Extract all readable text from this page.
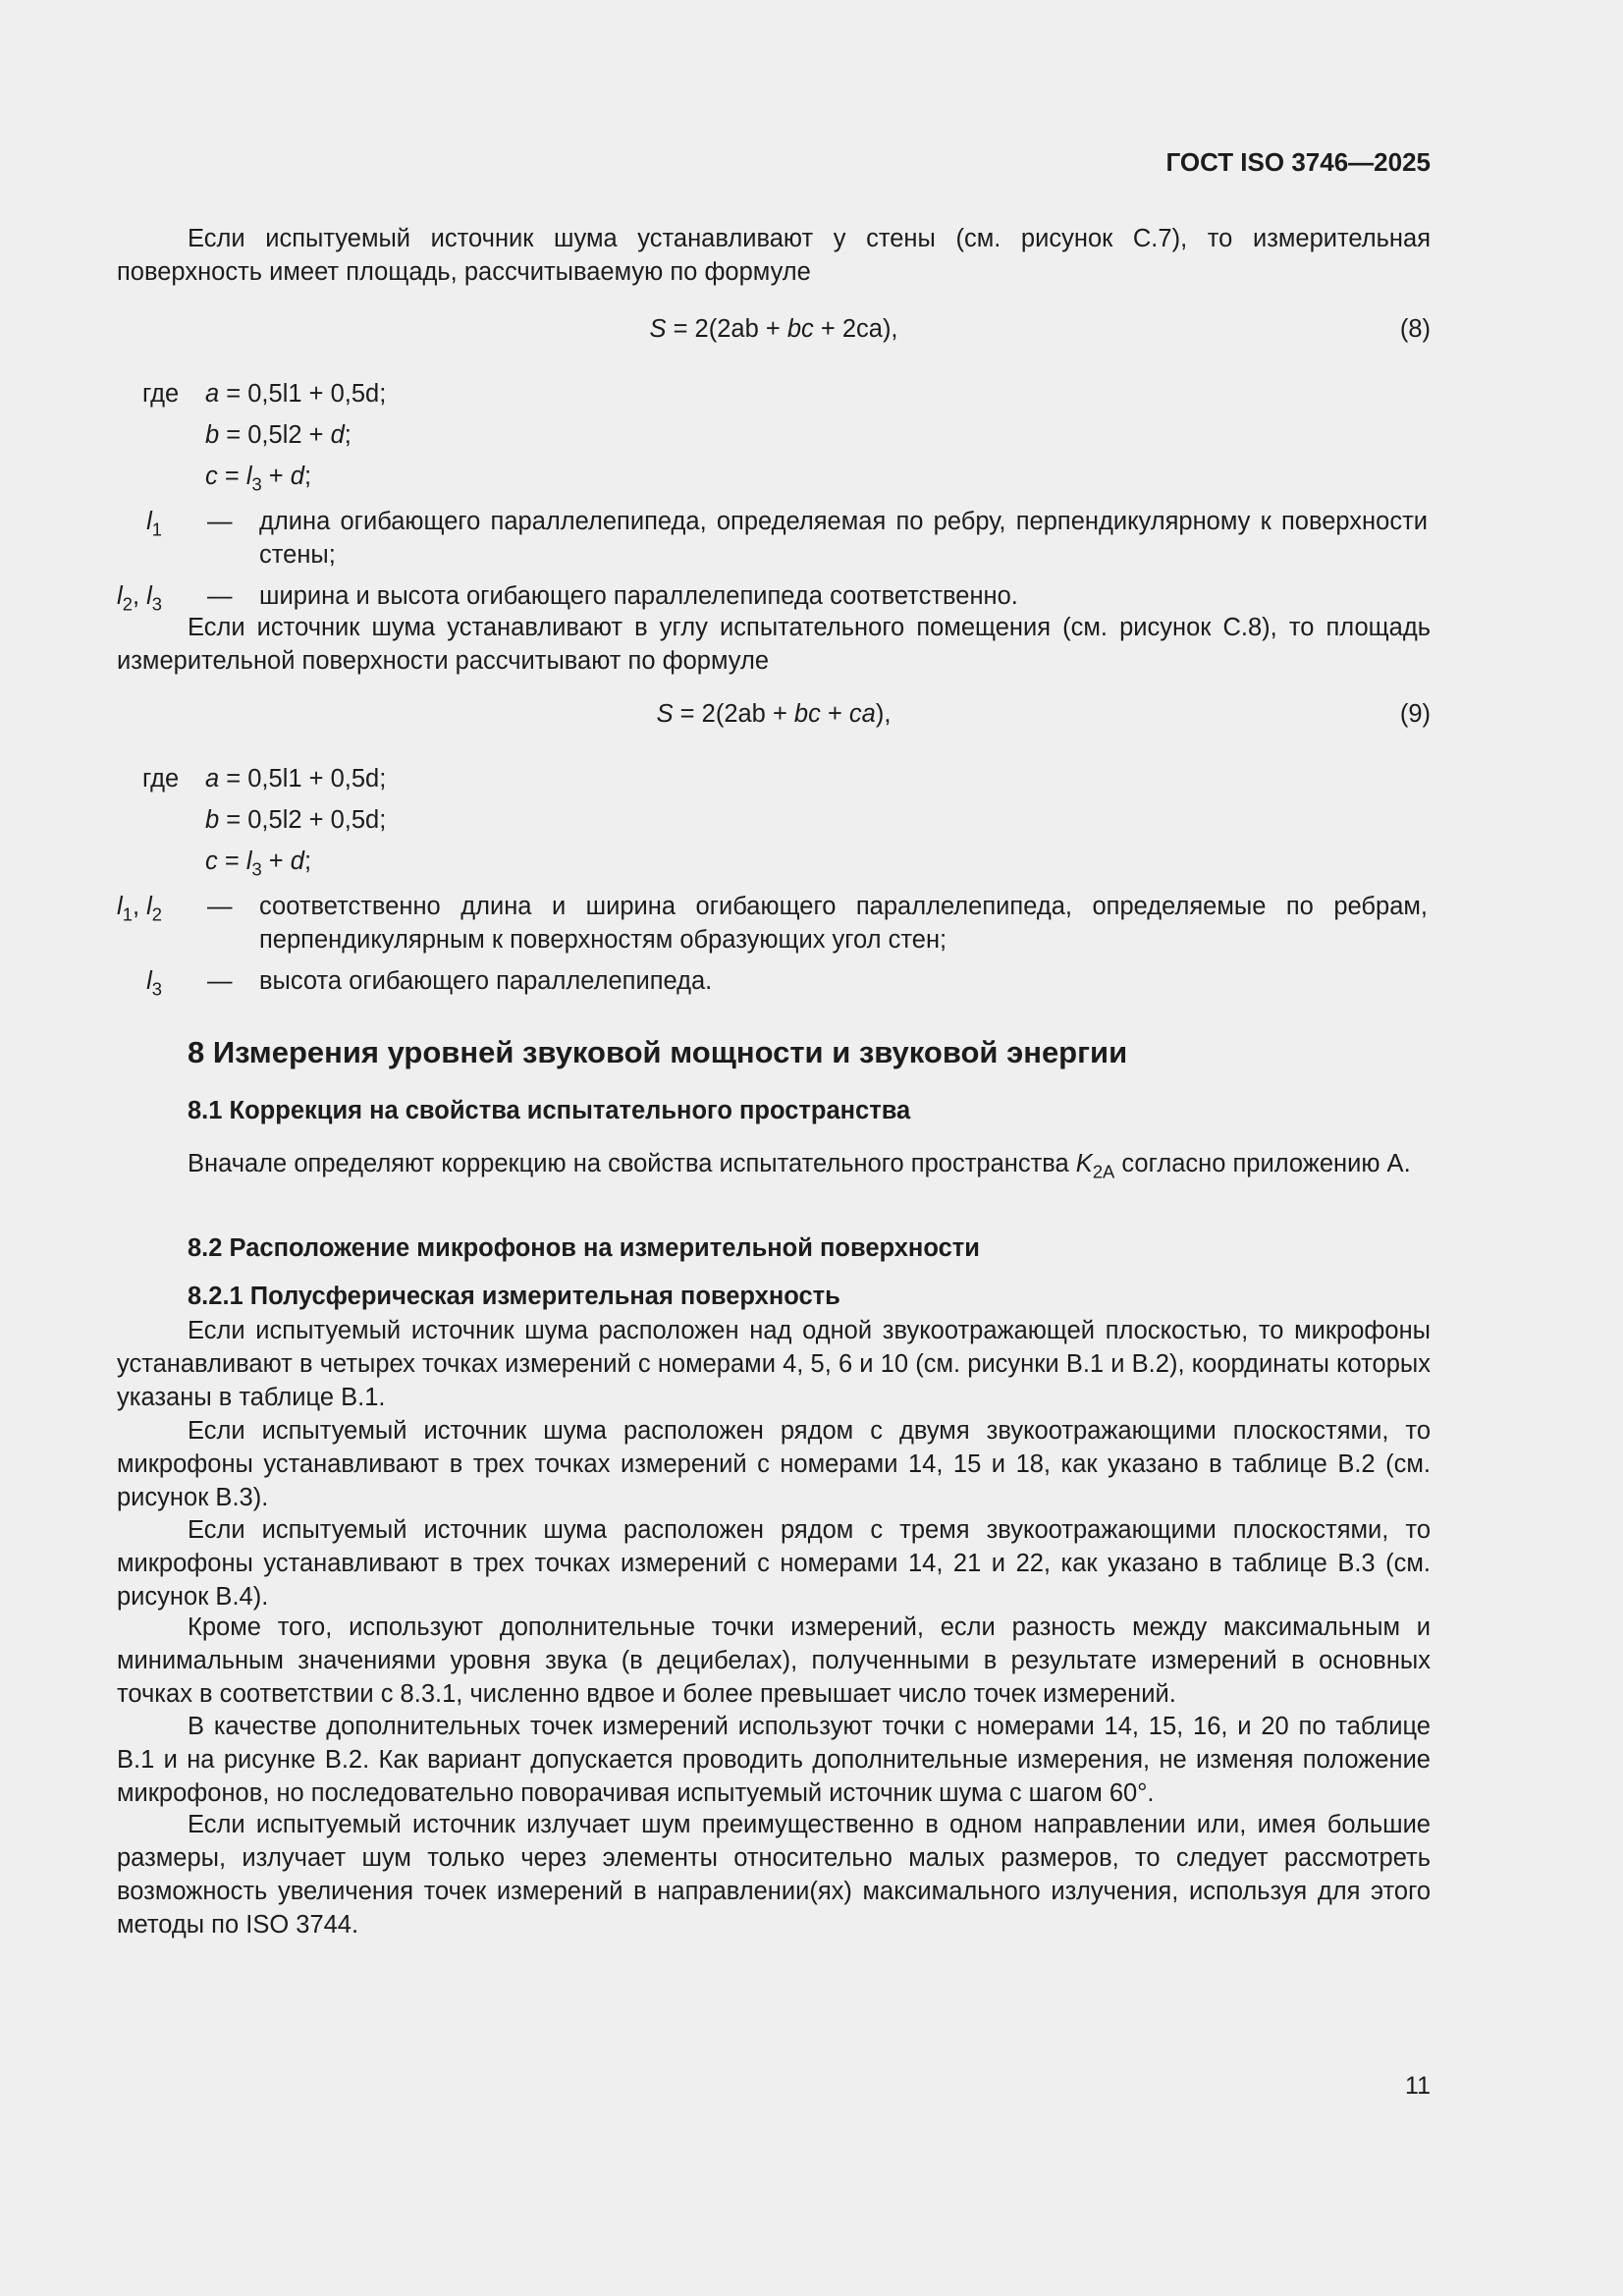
ГОСТ ISO 3746—2025
Если испытуемый источник шума устанавливают у стены (см. рисунок С.7), то измерительная поверхность имеет площадь, рассчитываемую по формуле
S = 2(2ab + bc + 2ca),	(8)
где a = 0,5l1 + 0,5d;
b = 0,5l2 + d;
$c = l_3 + d$;
$l_1$ — длина огибающего параллелепипеда, определяемая по ребру, перпендикулярному к поверхности стены;
$l_2$, $l_3$ — ширина и высота огибающего параллелепипеда соответственно.
Если источник шума устанавливают в углу испытательного помещения (см. рисунок С.8), то площадь измерительной поверхности рассчитывают по формуле
S = 2(2ab + bc + ca),	(9)
где a = 0,5l1 + 0,5d;
b = 0,5l2 + 0,5d;
$c = l_3 + d$;
$l_1$, $l_2$ — соответственно длина и ширина огибающего параллелепипеда, определяемые по ребрам, перпендикулярным к поверхностям образующих угол стен;
$l_3$ — высота огибающего параллелепипеда.
8 Измерения уровней звуковой мощности и звуковой энергии
8.1 Коррекция на свойства испытательного пространства
Вначале определяют коррекцию на свойства испытательного пространства $K_{2A}$ согласно приложению А.
8.2 Расположение микрофонов на измерительной поверхности
8.2.1 Полусферическая измерительная поверхность
Если испытуемый источник шума расположен над одной звукоотражающей плоскостью, то микрофоны устанавливают в четырех точках измерений с номерами 4, 5, 6 и 10 (см. рисунки В.1 и В.2), координаты которых указаны в таблице В.1.
Если испытуемый источник шума расположен рядом с двумя звукоотражающими плоскостями, то микрофоны устанавливают в трех точках измерений с номерами 14, 15 и 18, как указано в таблице В.2 (см. рисунок В.3).
Если испытуемый источник шума расположен рядом с тремя звукоотражающими плоскостями, то микрофоны устанавливают в трех точках измерений с номерами 14, 21 и 22, как указано в таблице В.3 (см. рисунок В.4).
Кроме того, используют дополнительные точки измерений, если разность между максимальным и минимальным значениями уровня звука (в децибелах), полученными в результате измерений в основных точках в соответствии с 8.3.1, численно вдвое и более превышает число точек измерений.
В качестве дополнительных точек измерений используют точки с номерами 14, 15, 16, и 20 по таблице В.1 и на рисунке В.2. Как вариант допускается проводить дополнительные измерения, не изменяя положение микрофонов, но последовательно поворачивая испытуемый источник шума с шагом 60°.
Если испытуемый источник излучает шум преимущественно в одном направлении или, имея большие размеры, излучает шум только через элементы относительно малых размеров, то следует рассмотреть возможность увеличения точек измерений в направлении(ях) максимального излучения, используя для этого методы по ISO 3744.
11
